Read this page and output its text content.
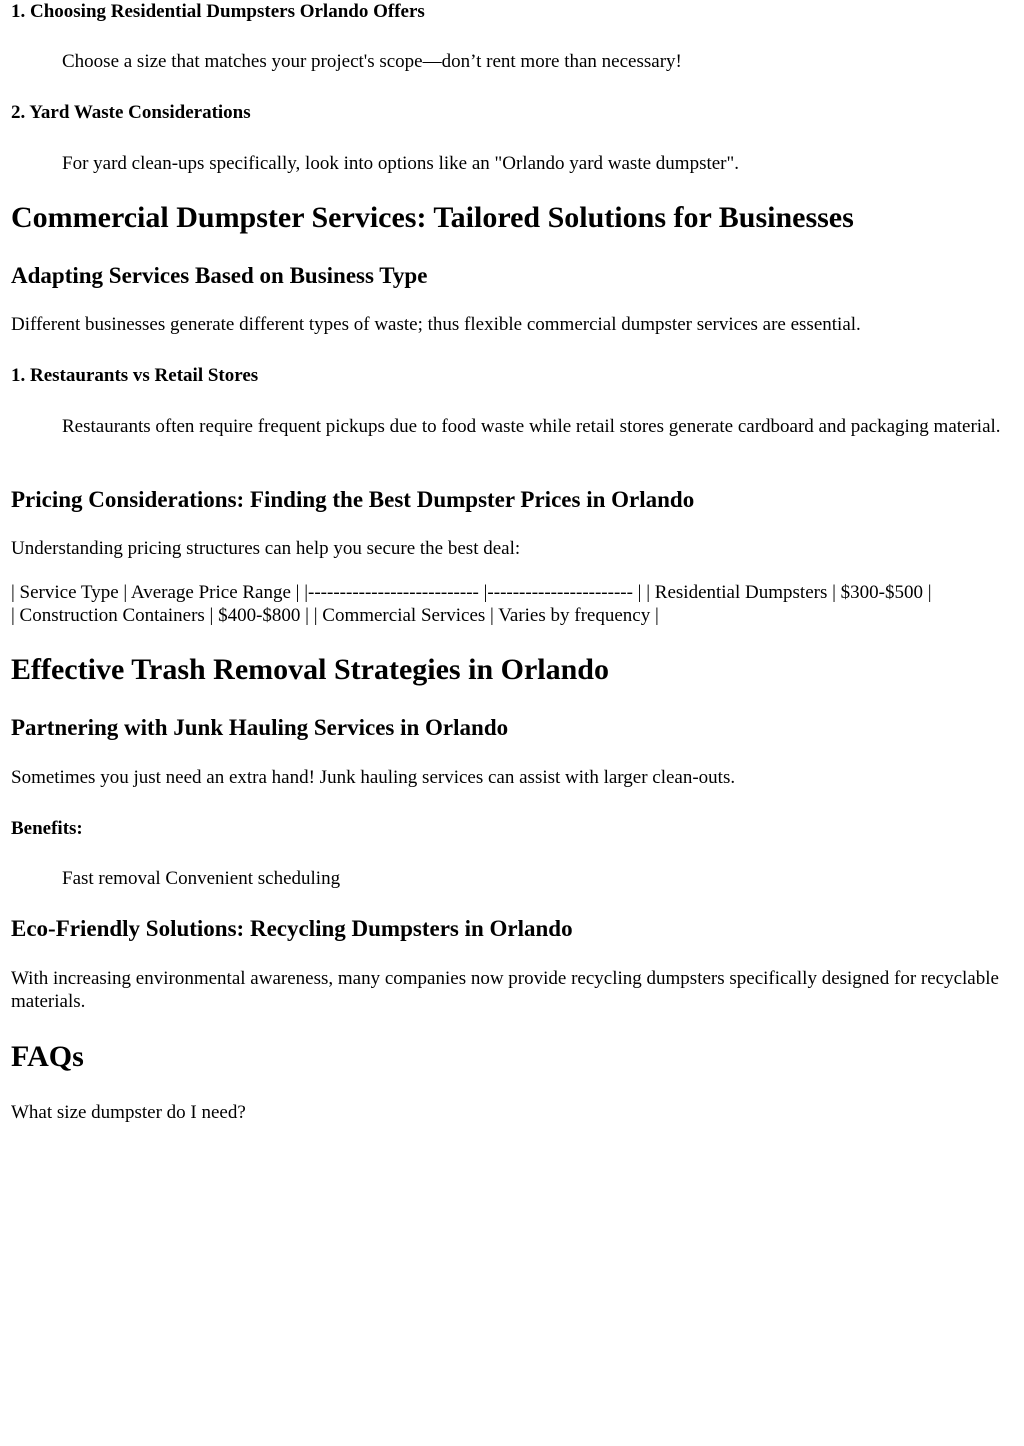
1. Choosing Residential Dumpsters Orlando Offers
Choose a size that matches your project's scope—don’t rent more than necessary!
2. Yard Waste Considerations
For yard clean-ups specifically, look into options like an "Orlando yard waste dumpster".
Commercial Dumpster Services: Tailored Solutions for Businesses
Adapting Services Based on Business Type

Different businesses generate different types of waste; thus flexible commercial dumpster services are essential.

1. Restaurants vs Retail Stores
Restaurants often require frequent pickups due to food waste while retail stores generate cardboard and packaging material.
Pricing Considerations: Finding the Best Dumpster Prices in Orlando

Understanding pricing structures can help you secure the best deal:

| Service Type | Average Price Range | |--------------------------- |----------------------- | | Residential Dumpsters | $300-$500 |

| Construction Containers | $400-$800 | | Commercial Services | Varies by frequency |

Effective Trash Removal Strategies in Orlando
Partnering with Junk Hauling Services in Orlando

Sometimes you just need an extra hand! Junk hauling services can assist with larger clean-outs.

Benefits:
Fast removal Convenient scheduling
Eco-Friendly Solutions: Recycling Dumpsters in Orlando

With increasing environmental awareness, many companies now provide recycling dumpsters specifically designed for recyclable materials.

FAQs

What size dumpster do I need?
